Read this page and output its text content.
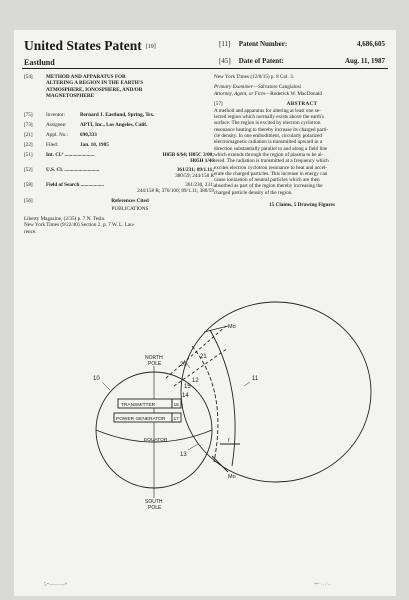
United States Patent [19]
Eastlund
[11] Patent Number:	4,686,605
[45] Date of Patent:	Aug. 11, 1987
[54]	METHOD AND APPARATUS FOR
ALTERING A REGION IN THE EARTH'S
ATMOSPHERE, IONOSPHERE, AND/OR
MAGNETOSPHERE
[75]	Inventor:	Bernard J. Eastlund, Spring, Tex.
[73]	Assignee:	APTI, Inc., Los Angeles, Calif.
[21]	Appl. No.: 690,333
[22]	Filed:	Jan. 10, 1985
[51]	Int. Cl.⁴ .......................	H05B 6/64; H05C 3/00;
H05H 1/46
[52]	U.S. Cl. ...........................	361/231; 89/1.11;
380/59; 244/158 R
[58]	Field of Search ..................	361/230, 231;
244/158 R; 376/100; 89/1.11; 380/59
[56]	References Cited
PUBLICATIONS
Liberty Magazine, (2/35) p. 7 N. Tesla.
New York Times (9/22/40) Section 2, p. 7 W. L. Lau-
rence.
New York Times (12/8/15) p. 8 Col. 3.
Primary Examiner—Salvatore Cangialosi
Attorney, Agent, or Firm—Roderick W. MacDonald
[57]	ABSTRACT
A method and apparatus for altering at least one se-
lected region which normally exists above the earth's
surface. The region is excited by electron cyclotron
resonance heating to thereby increase its charged parti-
cle density. In one embodiment, circularly polarized
electromagnetic radiation is transmitted upward in a
direction substantially parallel to and along a field line
which extends through the region of plasma to be al-
tered. The radiation is transmitted at a frequency which
excites electron cyclotron resonance to heat and accel-
erate the charged particles. This increase in energy can
cause ionization of neutral particles which are then
absorbed as part of the region thereby increasing the
charged particle density of the region.
15 Claims, 5 Drawing Figures
NORTH
POLE
SOUTH
POLE
TRANSMITTER	16
POWER GENERATOR 17
EQUATOR
10	11
12
13
14
15
20
21
r
Mo
Mo
5⁼———⁄⁴	⁴⁼⁻·· ⁄ ··
